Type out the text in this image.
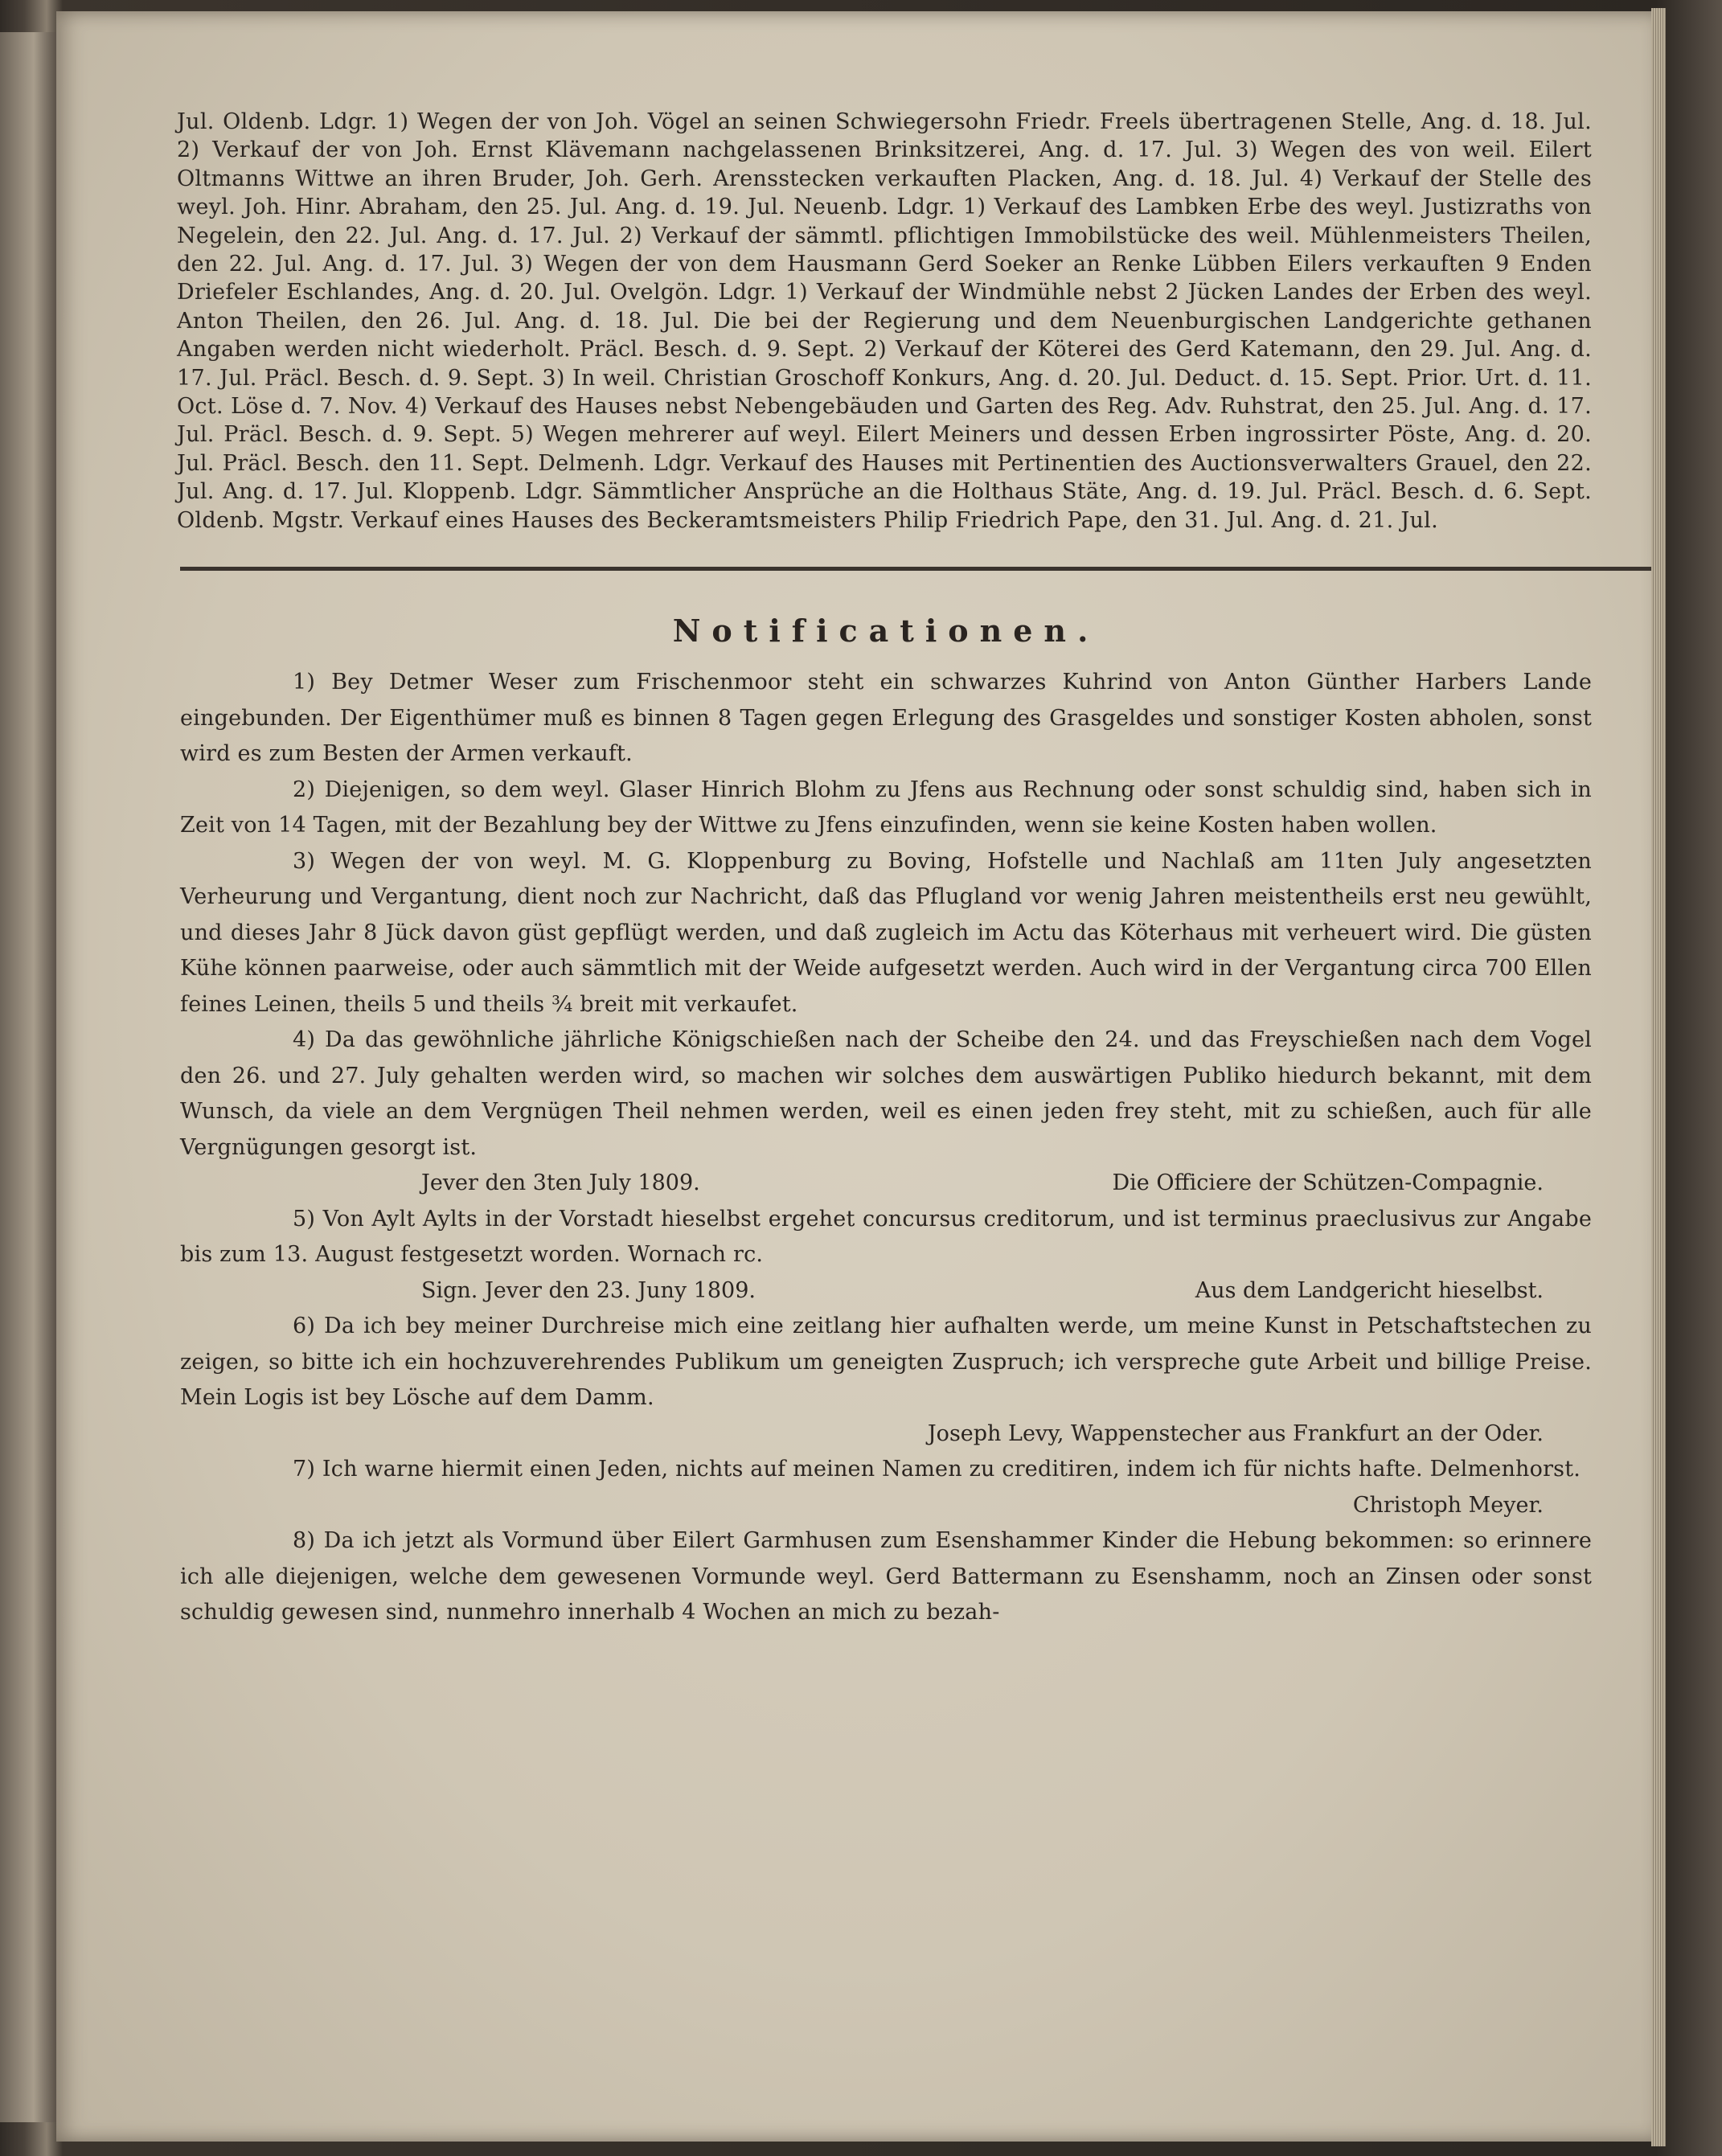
Jul. Oldenb. Ldgr. 1) Wegen der von Joh. Vögel an seinen Schwiegersohn Friedr. Freels übertragenen Stelle, Ang. d. 18. Jul. 2) Verkauf der von Joh. Ernst Klävemann nachgelassenen Brinksitzerei, Ang. d. 17. Jul. 3) Wegen des von weil. Eilert Oltmanns Wittwe an ihren Bruder, Joh. Gerh. Arensstecken verkauften Placken, Ang. d. 18. Jul. 4) Verkauf der Stelle des weyl. Joh. Hinr. Abraham, den 25. Jul. Ang. d. 19. Jul. Neuenb. Ldgr. 1) Verkauf des Lambken Erbe des weyl. Justizraths von Negelein, den 22. Jul. Ang. d. 17. Jul. 2) Verkauf der sämmtl. pflichtigen Immobilstücke des weil. Mühlenmeisters Theilen, den 22. Jul. Ang. d. 17. Jul. 3) Wegen der von dem Hausmann Gerd Soeker an Renke Lübben Eilers verkauften 9 Enden Driefeler Eschlandes, Ang. d. 20. Jul. Ovelgön. Ldgr. 1) Verkauf der Windmühle nebst 2 Jücken Landes der Erben des weyl. Anton Theilen, den 26. Jul. Ang. d. 18. Jul. Die bei der Regierung und dem Neuenburgischen Landgerichte gethanen Angaben werden nicht wiederholt. Präcl. Besch. d. 9. Sept. 2) Verkauf der Köterei des Gerd Katemann, den 29. Jul. Ang. d. 17. Jul. Präcl. Besch. d. 9. Sept. 3) In weil. Christian Groschoff Konkurs, Ang. d. 20. Jul. Deduct. d. 15. Sept. Prior. Urt. d. 11. Oct. Löse d. 7. Nov. 4) Verkauf des Hauses nebst Nebengebäuden und Garten des Reg. Adv. Ruhstrat, den 25. Jul. Ang. d. 17. Jul. Präcl. Besch. d. 9. Sept. 5) Wegen mehrerer auf weyl. Eilert Meiners und dessen Erben ingrossirter Pöste, Ang. d. 20. Jul. Präcl. Besch. den 11. Sept. Delmenh. Ldgr. Verkauf des Hauses mit Pertinentien des Auctionsverwalters Grauel, den 22. Jul. Ang. d. 17. Jul. Kloppenb. Ldgr. Sämmtlicher Ansprüche an die Holthaus Stäte, Ang. d. 19. Jul. Präcl. Besch. d. 6. Sept. Oldenb. Mgstr. Verkauf eines Hauses des Beckeramtsmeisters Philip Friedrich Pape, den 31. Jul. Ang. d. 21. Jul.

Notificationen.

1) Bey Detmer Weser zum Frischenmoor steht ein schwarzes Kuhrind von Anton Günther Harbers Lande eingebunden. Der Eigenthümer muß es binnen 8 Tagen gegen Erlegung des Grasgeldes und sonstiger Kosten abholen, sonst wird es zum Besten der Armen verkauft.

2) Diejenigen, so dem weyl. Glaser Hinrich Blohm zu Jfens aus Rechnung oder sonst schuldig sind, haben sich in Zeit von 14 Tagen, mit der Bezahlung bey der Wittwe zu Jfens einzufinden, wenn sie keine Kosten haben wollen.

3) Wegen der von weyl. M. G. Kloppenburg zu Boving, Hofstelle und Nachlaß am 11ten July angesetzten Verheurung und Vergantung, dient noch zur Nachricht, daß das Pflugland vor wenig Jahren meistentheils erst neu gewühlt, und dieses Jahr 8 Jück davon güst gepflügt werden, und daß zugleich im Actu das Köterhaus mit verheuert wird. Die güsten Kühe können paarweise, oder auch sämmtlich mit der Weide aufgesetzt werden. Auch wird in der Vergantung circa 700 Ellen feines Leinen, theils 5 und theils ¾ breit mit verkaufet.

4) Da das gewöhnliche jährliche Königschießen nach der Scheibe den 24. und das Freyschießen nach dem Vogel den 26. und 27. July gehalten werden wird, so machen wir solches dem auswärtigen Publiko hiedurch bekannt, mit dem Wunsch, da viele an dem Vergnügen Theil nehmen werden, weil es einen jeden frey steht, mit zu schießen, auch für alle Vergnügungen gesorgt ist.

Jever den 3ten July 1809.	Die Officiere der Schützen-Compagnie.

5) Von Aylt Aylts in der Vorstadt hieselbst ergehet concursus creditorum, und ist terminus praeclusivus zur Angabe bis zum 13. August festgesetzt worden. Wornach rc.

Sign. Jever den 23. Juny 1809.	Aus dem Landgericht hieselbst.

6) Da ich bey meiner Durchreise mich eine zeitlang hier aufhalten werde, um meine Kunst in Petschaftstechen zu zeigen, so bitte ich ein hochzuverehrendes Publikum um geneigten Zuspruch; ich verspreche gute Arbeit und billige Preise. Mein Logis ist bey Lösche auf dem Damm.

Joseph Levy, Wappenstecher aus Frankfurt an der Oder.

7) Ich warne hiermit einen Jeden, nichts auf meinen Namen zu creditiren, indem ich für nichts hafte. Delmenhorst.

Christoph Meyer.

8) Da ich jetzt als Vormund über Eilert Garmhusen zum Esenshammer Kinder die Hebung bekommen: so erinnere ich alle diejenigen, welche dem gewesenen Vormunde weyl. Gerd Battermann zu Esenshamm, noch an Zinsen oder sonst schuldig gewesen sind, nunmehro innerhalb 4 Wochen an mich zu bezah-
